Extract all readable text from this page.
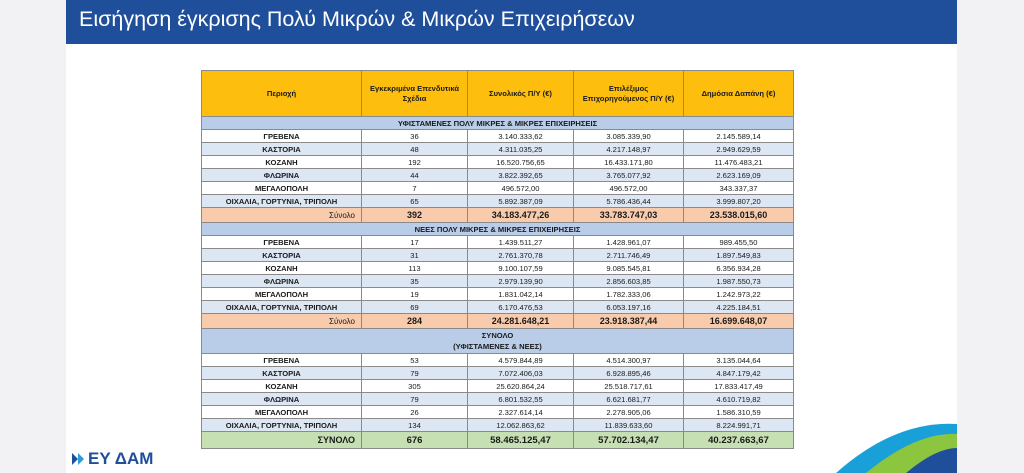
Εισήγηση έγκρισης Πολύ Μικρών & Μικρών Επιχειρήσεων
Περιοχή	Εγκεκριμένα Επενδυτικά Σχέδια	Συνολικός Π/Υ (€)	Επιλέξιμος Επιχορηγούμενος Π/Υ (€)	Δημόσια Δαπάνη (€)

ΥΦΙΣΤΑΜΕΝΕΣ ΠΟΛΥ ΜΙΚΡΕΣ & ΜΙΚΡΕΣ ΕΠΙΧΕΙΡΗΣΕΙΣ				

ΓΡΕΒΕΝΑ	36	3.140.333,62	3.085.339,90	2.145.589,14
ΚΑΣΤΟΡΙΑ	48	4.311.035,25	4.217.148,97	2.949.629,59
ΚΟΖΑΝΗ	192	16.520.756,65	16.433.171,80	11.476.483,21
ΦΛΩΡΙΝΑ	44	3.822.392,65	3.765.077,92	2.623.169,09
ΜΕΓΑΛΟΠΟΛΗ	7	496.572,00	496.572,00	343.337,37
ΟΙΧΑΛΙΑ, ΓΟΡΤΥΝΙΑ, ΤΡΙΠΟΛΗ	65	5.892.387,09	5.786.436,44	3.999.807,20
Σύνολο	392	34.183.477,26	33.783.747,03	23.538.015,60

ΝΕΕΣ ΠΟΛΥ ΜΙΚΡΕΣ & ΜΙΚΡΕΣ ΕΠΙΧΕΙΡΗΣΕΙΣ				

ΓΡΕΒΕΝΑ	17	1.439.511,27	1.428.961,07	989.455,50
ΚΑΣΤΟΡΙΑ	31	2.761.370,78	2.711.746,49	1.897.549,83
ΚΟΖΑΝΗ	113	9.100.107,59	9.085.545,81	6.356.934,28
ΦΛΩΡΙΝΑ	35	2.979.139,90	2.856.603,85	1.987.550,73
ΜΕΓΑΛΟΠΟΛΗ	19	1.831.042,14	1.782.333,06	1.242.973,22
ΟΙΧΑΛΙΑ, ΓΟΡΤΥΝΙΑ, ΤΡΙΠΟΛΗ	69	6.170.476,53	6.053.197,16	4.225.184,51
Σύνολο	284	24.281.648,21	23.918.387,44	16.699.648,07

ΣΥΝΟΛΟ
(ΥΦΙΣΤΑΜΕΝΕΣ & ΝΕΕΣ)				

ΓΡΕΒΕΝΑ	53	4.579.844,89	4.514.300,97	3.135.044,64
ΚΑΣΤΟΡΙΑ	79	7.072.406,03	6.928.895,46	4.847.179,42
ΚΟΖΑΝΗ	305	25.620.864,24	25.518.717,61	17.833.417,49
ΦΛΩΡΙΝΑ	79	6.801.532,55	6.621.681,77	4.610.719,82
ΜΕΓΑΛΟΠΟΛΗ	26	2.327.614,14	2.278.905,06	1.586.310,59
ΟΙΧΑΛΙΑ, ΓΟΡΤΥΝΙΑ, ΤΡΙΠΟΛΗ	134	12.062.863,62	11.839.633,60	8.224.991,71
ΣΥΝΟΛΟ	676	58.465.125,47	57.702.134,47	40.237.663,67
ΕΥ ΔΑΜ
